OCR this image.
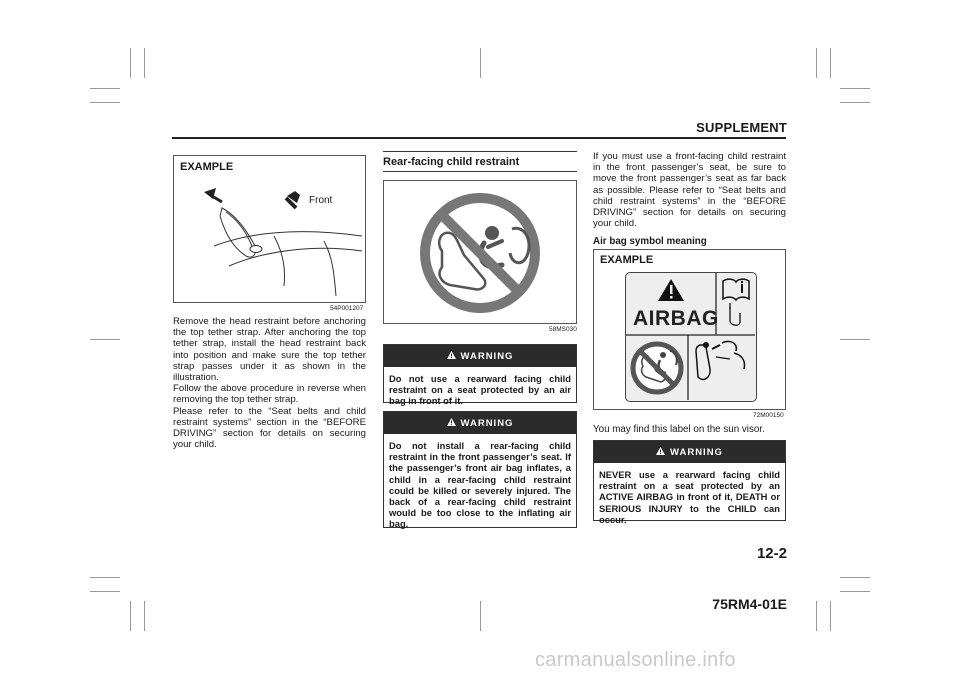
SUPPLEMENT
EXAMPLE
Front
54P001207
Remove the head restraint before anchoring the top tether strap. After anchoring the top tether strap, install the head restraint back into position and make sure the top tether strap passes under it as shown in the illustration.
Follow the above procedure in reverse when removing the top tether strap.
Please refer to the “Seat belts and child restraint systems” section in the “BEFORE DRIVING” section for details on securing your child.
Rear-facing child restraint
58MS030
WARNING
Do not use a rearward facing child restraint on a seat protected by an air bag in front of it.
WARNING
Do not install a rear-facing child restraint in the front passenger’s seat. If the passenger’s front air bag inflates, a child in a rear-facing child restraint could be killed or severely injured. The back of a rear-facing child restraint would be too close to the inflating air bag.
If you must use a front-facing child restraint in the front passenger’s seat, be sure to move the front passenger’s seat as far back as possible. Please refer to “Seat belts and child restraint systems” in the “BEFORE DRIVING” section for details on securing your child.
Air bag symbol meaning
EXAMPLE
AIRBAG
72M00150
You may find this label on the sun visor.
WARNING
NEVER use a rearward facing child restraint on a seat protected by an ACTIVE AIRBAG in front of it, DEATH or SERIOUS INJURY to the CHILD can occur.
12-2
75RM4-01E
carmanualsonline.info
